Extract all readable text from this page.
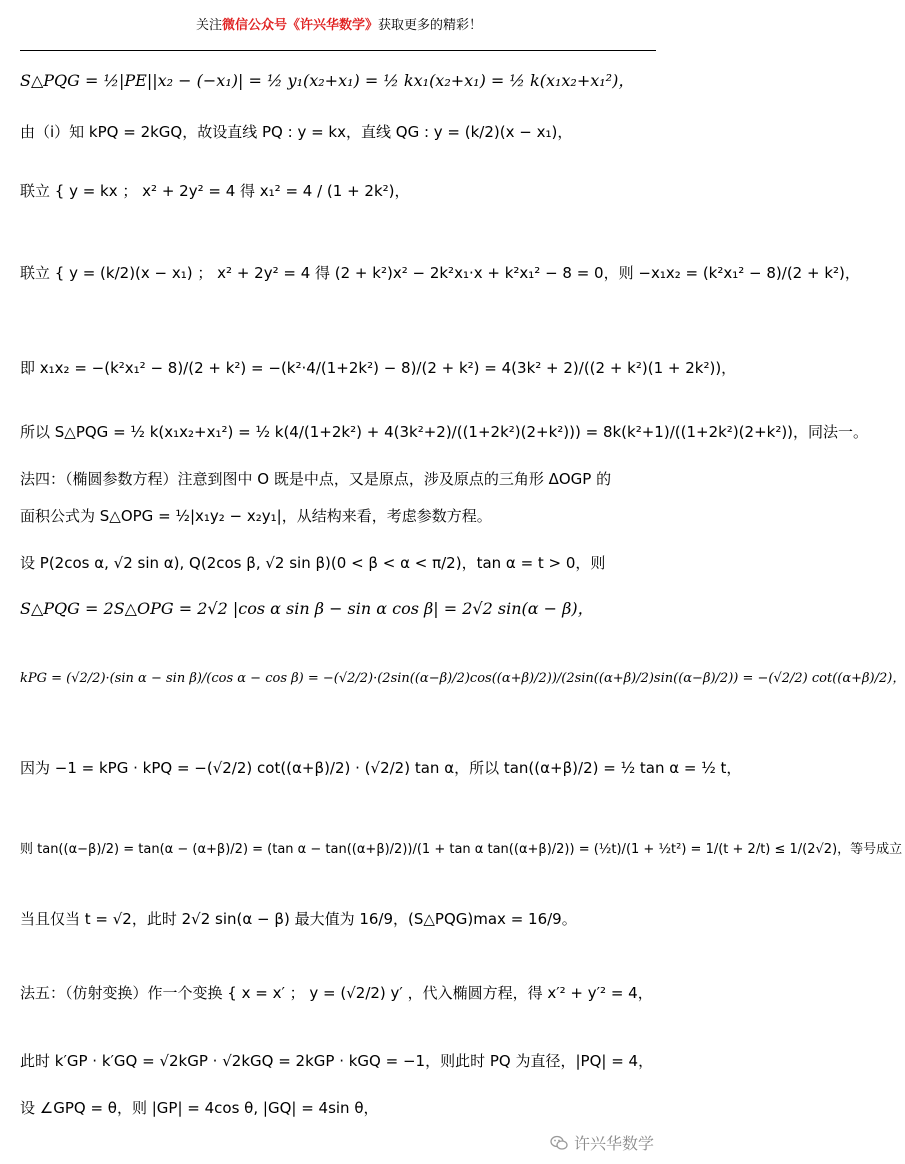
关注微信公众号《许兴华数学》获取更多的精彩！
S△PQG = ½|PE||x₂ − (−x₁)| = ½ y₁(x₂+x₁) = ½ kx₁(x₂+x₁) = ½ k(x₁x₂+x₁²)，
由（i）知 kPQ = 2kGQ，故设直线 PQ : y = kx，直线 QG : y = (k/2)(x − x₁)，
联立 { y = kx ； x² + 2y² = 4 得 x₁² = 4 / (1 + 2k²)，
联立 { y = (k/2)(x − x₁) ； x² + 2y² = 4 得 (2 + k²)x² − 2k²x₁·x + k²x₁² − 8 = 0，则 −x₁x₂ = (k²x₁² − 8)/(2 + k²)，
即 x₁x₂ = −(k²x₁² − 8)/(2 + k²) = −(k²·4/(1+2k²) − 8)/(2 + k²) = 4(3k² + 2)/((2 + k²)(1 + 2k²))，
所以 S△PQG = ½ k(x₁x₂+x₁²) = ½ k(4/(1+2k²) + 4(3k²+2)/((1+2k²)(2+k²))) = 8k(k²+1)/((1+2k²)(2+k²))，同法一。
法四：（椭圆参数方程）注意到图中 O 既是中点，又是原点，涉及原点的三角形 ΔOGP 的
面积公式为 S△OPG = ½|x₁y₂ − x₂y₁|，从结构来看，考虑参数方程。
设 P(2cos α, √2 sin α), Q(2cos β, √2 sin β)(0 < β < α < π/2)，tan α = t > 0，则
S△PQG = 2S△OPG = 2√2 |cos α sin β − sin α cos β| = 2√2 sin(α − β)，
kPG = (√2/2)·(sin α − sin β)/(cos α − cos β) = −(√2/2)·(2sin((α−β)/2)cos((α+β)/2))/(2sin((α+β)/2)sin((α−β)/2)) = −(√2/2) cot((α+β)/2)，
因为 −1 = kPG · kPQ = −(√2/2) cot((α+β)/2) · (√2/2) tan α，所以 tan((α+β)/2) = ½ tan α = ½ t，
则 tan((α−β)/2) = tan(α − (α+β)/2) = (tan α − tan((α+β)/2))/(1 + tan α tan((α+β)/2)) = (½t)/(1 + ½t²) = 1/(t + 2/t) ≤ 1/(2√2)，等号成立
当且仅当 t = √2，此时 2√2 sin(α − β) 最大值为 16/9，(S△PQG)max = 16/9。
法五：（仿射变换）作一个变换 { x = x′ ； y = (√2/2) y′ ，代入椭圆方程，得 x′² + y′² = 4，
此时 k′GP · k′GQ = √2kGP · √2kGQ = 2kGP · kGQ = −1，则此时 PQ 为直径，|PQ| = 4，
设 ∠GPQ = θ，则 |GP| = 4cos θ, |GQ| = 4sin θ，
许兴华数学
